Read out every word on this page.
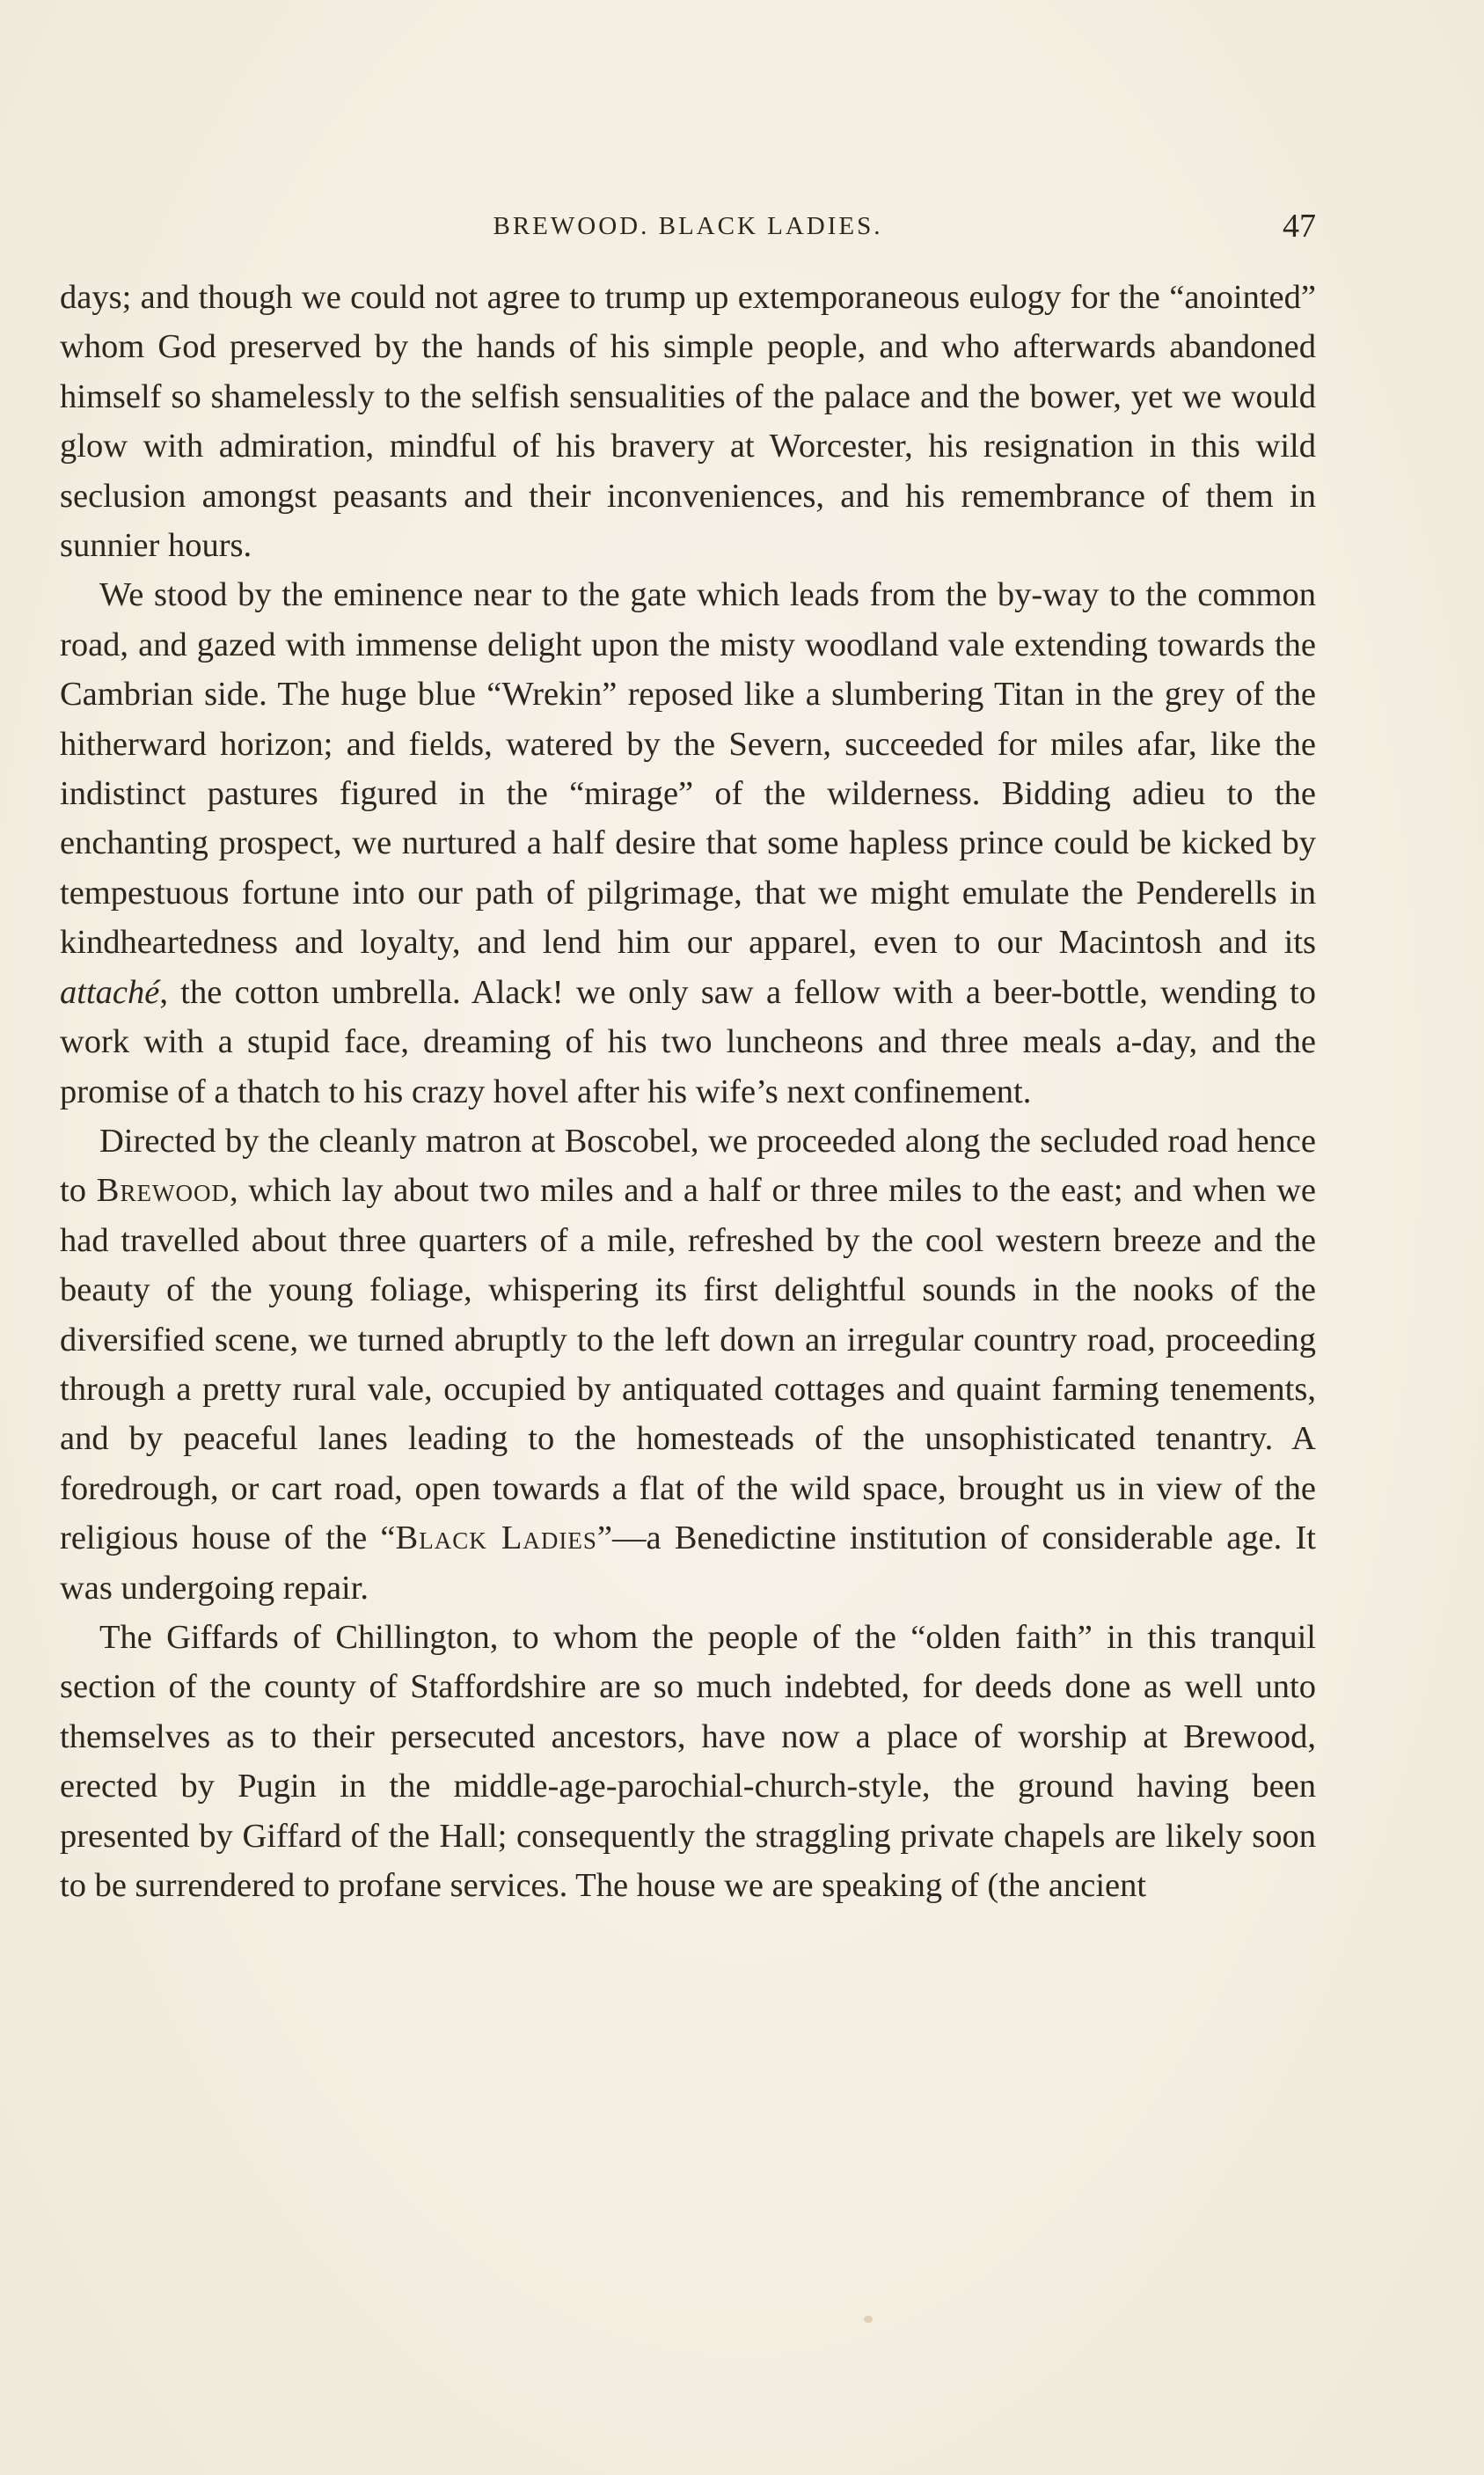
BREWOOD. BLACK LADIES.	47

days; and though we could not agree to trump up extemporaneous eulogy for the “anointed” whom God preserved by the hands of his simple people, and who afterwards abandoned himself so shamelessly to the selfish sensualities of the palace and the bower, yet we would glow with admiration, mindful of his bravery at Worcester, his resignation in this wild seclusion amongst peasants and their inconveniences, and his remembrance of them in sunnier hours.

We stood by the eminence near to the gate which leads from the by-way to the common road, and gazed with immense delight upon the misty woodland vale extending towards the Cambrian side. The huge blue “Wrekin” reposed like a slumbering Titan in the grey of the hitherward horizon; and fields, watered by the Severn, succeeded for miles afar, like the indistinct pastures figured in the “mirage” of the wilderness. Bidding adieu to the enchanting prospect, we nurtured a half desire that some hapless prince could be kicked by tempestuous fortune into our path of pilgrimage, that we might emulate the Penderells in kindheartedness and loyalty, and lend him our apparel, even to our Macintosh and its attaché, the cotton umbrella. Alack! we only saw a fellow with a beer-bottle, wending to work with a stupid face, dreaming of his two luncheons and three meals a-day, and the promise of a thatch to his crazy hovel after his wife’s next confinement.

Directed by the cleanly matron at Boscobel, we proceeded along the secluded road hence to Brewood, which lay about two miles and a half or three miles to the east; and when we had travelled about three quarters of a mile, refreshed by the cool western breeze and the beauty of the young foliage, whispering its first delightful sounds in the nooks of the diversified scene, we turned abruptly to the left down an irregular country road, proceeding through a pretty rural vale, occupied by antiquated cottages and quaint farming tenements, and by peaceful lanes leading to the homesteads of the unsophisticated tenantry. A foredrough, or cart road, open towards a flat of the wild space, brought us in view of the religious house of the “Black Ladies”—a Benedictine institution of considerable age. It was undergoing repair.

The Giffards of Chillington, to whom the people of the “olden faith” in this tranquil section of the county of Staffordshire are so much indebted, for deeds done as well unto themselves as to their persecuted ancestors, have now a place of worship at Brewood, erected by Pugin in the middle-age-parochial-church-style, the ground having been presented by Giffard of the Hall; consequently the straggling private chapels are likely soon to be surrendered to profane services. The house we are speaking of (the ancient
